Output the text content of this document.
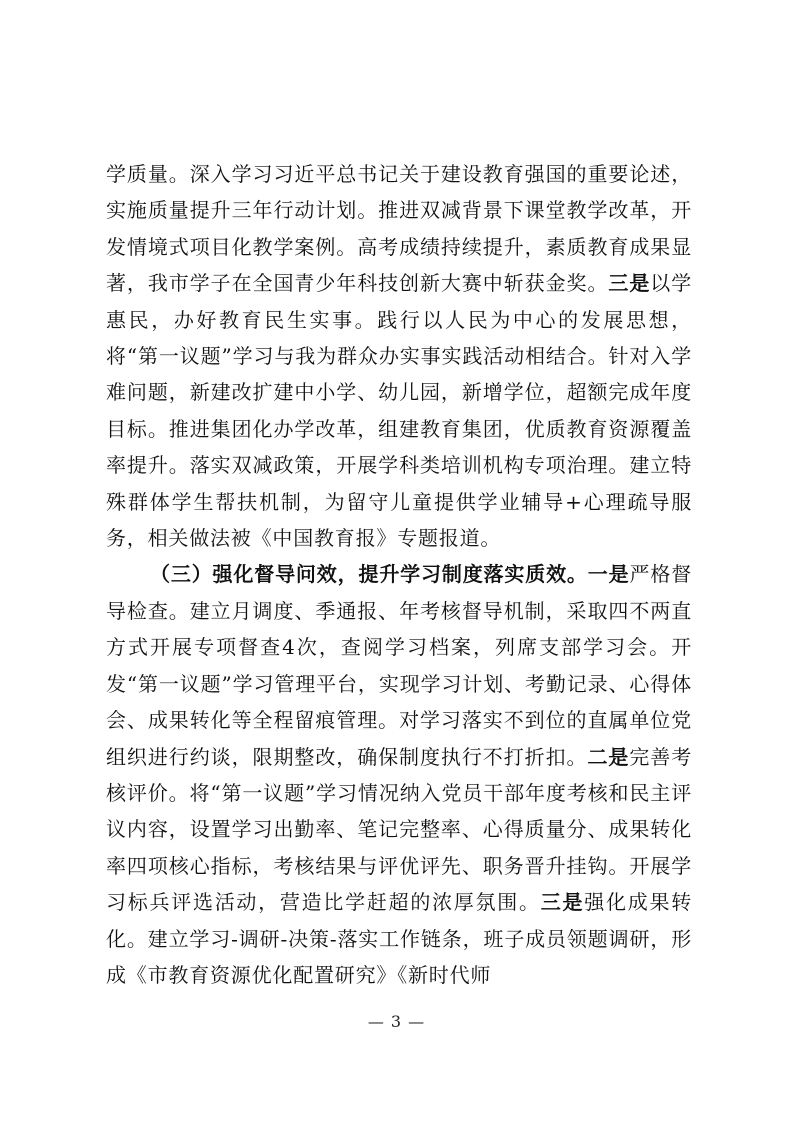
学质量。深入学习习近平总书记关于建设教育强国的重要论述，实施质量提升三年行动计划。推进双减背景下课堂教学改革，开发情境式项目化教学案例。高考成绩持续提升，素质教育成果显著，我市学子在全国青少年科技创新大赛中斩获金奖。三是以学惠民，办好教育民生实事。践行以人民为中心的发展思想，将“第一议题”学习与我为群众办实事实践活动相结合。针对入学难问题，新建改扩建中小学、幼儿园，新增学位，超额完成年度目标。推进集团化办学改革，组建教育集团，优质教育资源覆盖率提升。落实双减政策，开展学科类培训机构专项治理。建立特殊群体学生帮扶机制，为留守儿童提供学业辅导+心理疏导服务，相关做法被《中国教育报》专题报道。

（三）强化督导问效，提升学习制度落实质效。一是严格督导检查。建立月调度、季通报、年考核督导机制，采取四不两直方式开展专项督查4次，查阅学习档案，列席支部学习会。开发“第一议题”学习管理平台，实现学习计划、考勤记录、心得体会、成果转化等全程留痕管理。对学习落实不到位的直属单位党组织进行约谈，限期整改，确保制度执行不打折扣。二是完善考核评价。将“第一议题”学习情况纳入党员干部年度考核和民主评议内容，设置学习出勤率、笔记完整率、心得质量分、成果转化率四项核心指标，考核结果与评优评先、职务晋升挂钩。开展学习标兵评选活动，营造比学赶超的浓厚氛围。三是强化成果转化。建立学习-调研-决策-落实工作链条，班子成员领题调研，形成《市教育资源优化配置研究》《新时代师

— 3 —
